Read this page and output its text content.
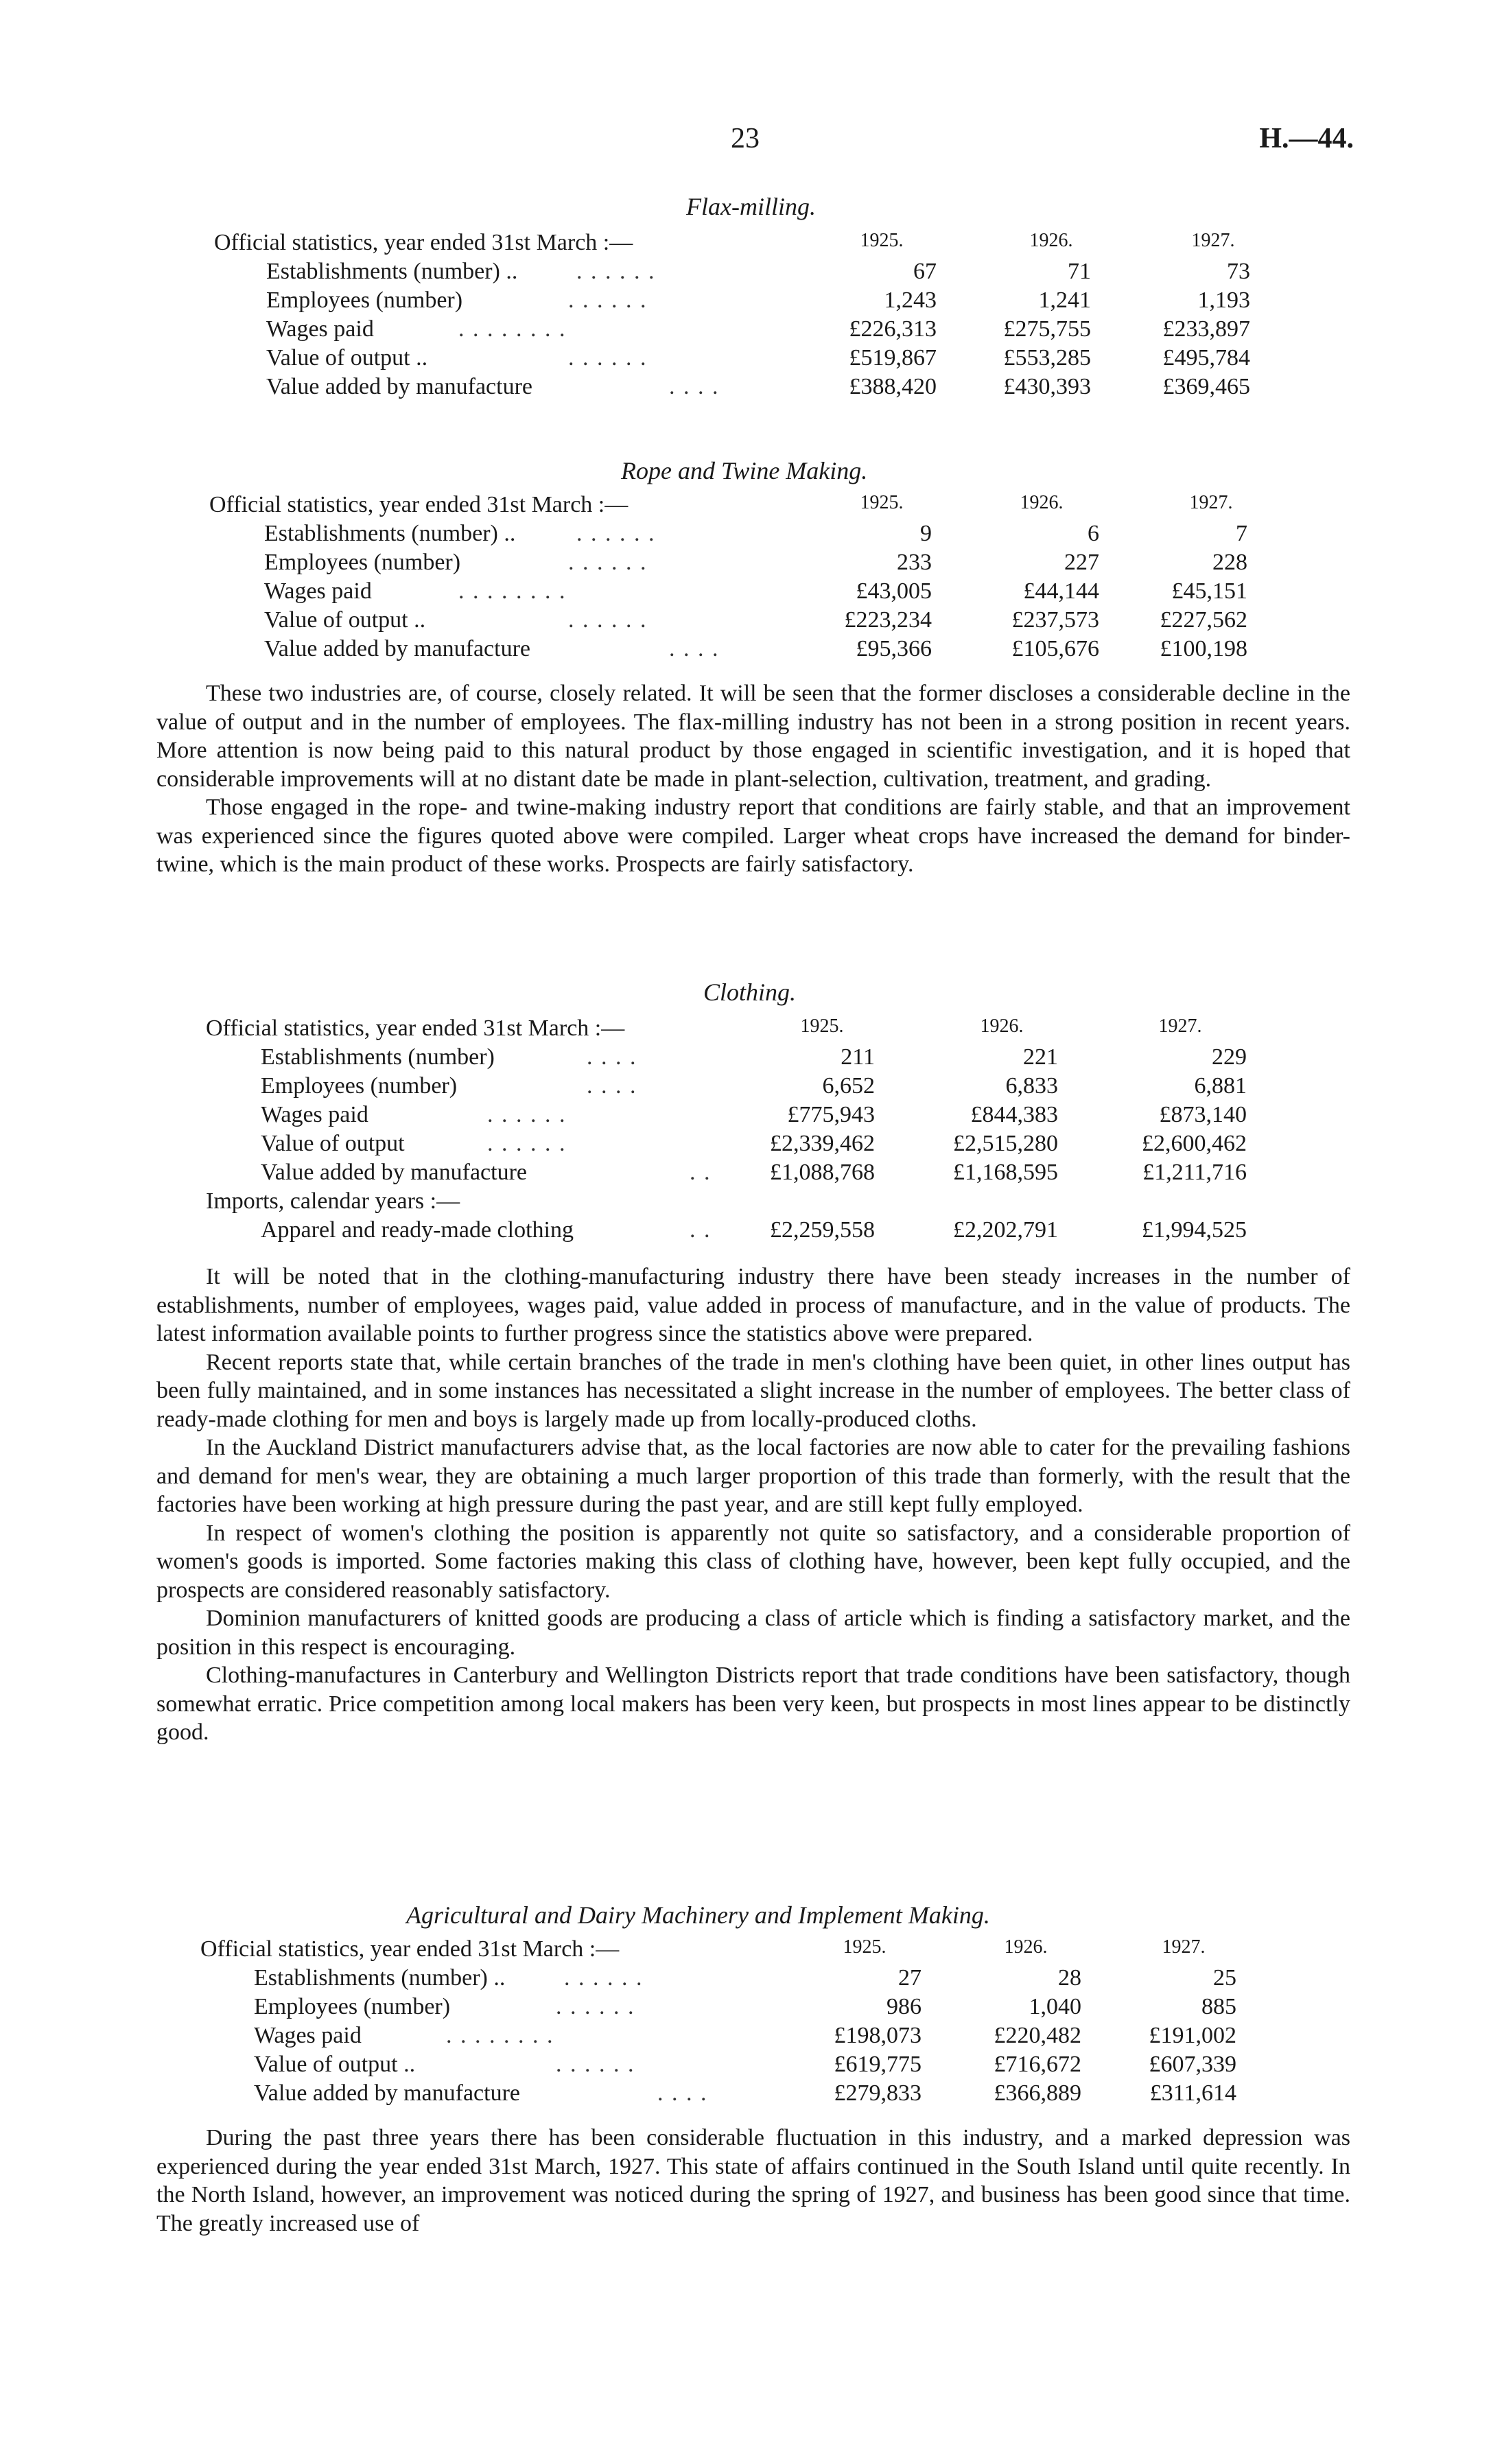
23	H.—44.
Flax-milling.
Official statistics, year ended 31st March :—	1925.	1926.	1927.
Establishments (number) ..	. . . . . .	67	71	73
Employees (number)	. . . . . .	1,243	1,241	1,193
Wages paid	. . . . . . . .	£226,313	£275,755	£233,897
Value of output ..	. . . . . .	£519,867	£553,285	£495,784
Value added by manufacture	. . . .	£388,420	£430,393	£369,465
Rope and Twine Making.
Official statistics, year ended 31st March :—	1925.	1926.	1927.
Establishments (number) ..	. . . . . .	9	6	7
Employees (number)	. . . . . .	233	227	228
Wages paid	. . . . . . . .	£43,005	£44,144	£45,151
Value of output ..	. . . . . .	£223,234	£237,573	£227,562
Value added by manufacture	. . . .	£95,366	£105,676	£100,198

These two industries are, of course, closely related. It will be seen that the former discloses a considerable decline in the value of output and in the number of employees. The flax-milling industry has not been in a strong position in recent years. More attention is now being paid to this natural product by those engaged in scientific investigation, and it is hoped that considerable improvements will at no distant date be made in plant-selection, cultivation, treatment, and grading.

Those engaged in the rope- and twine-making industry report that conditions are fairly stable, and that an improvement was experienced since the figures quoted above were compiled. Larger wheat crops have increased the demand for binder-twine, which is the main product of these works. Prospects are fairly satisfactory.

Clothing.
Official statistics, year ended 31st March :—	1925.	1926.	1927.
Establishments (number)	. . . .	211	221	229
Employees (number)	. . . .	6,652	6,833	6,881
Wages paid	. . . . . .	£775,943	£844,383	£873,140
Value of output	. . . . . .	£2,339,462	£2,515,280	£2,600,462
Value added by manufacture	. .	£1,088,768	£1,168,595	£1,211,716
Imports, calendar years :—
Apparel and ready-made clothing	. .	£2,259,558	£2,202,791	£1,994,525

It will be noted that in the clothing-manufacturing industry there have been steady increases in the number of establishments, number of employees, wages paid, value added in process of manufacture, and in the value of products. The latest information available points to further progress since the statistics above were prepared.

Recent reports state that, while certain branches of the trade in men's clothing have been quiet, in other lines output has been fully maintained, and in some instances has necessitated a slight increase in the number of employees. The better class of ready-made clothing for men and boys is largely made up from locally-produced cloths.

In the Auckland District manufacturers advise that, as the local factories are now able to cater for the prevailing fashions and demand for men's wear, they are obtaining a much larger proportion of this trade than formerly, with the result that the factories have been working at high pressure during the past year, and are still kept fully employed.

In respect of women's clothing the position is apparently not quite so satisfactory, and a considerable proportion of women's goods is imported. Some factories making this class of clothing have, however, been kept fully occupied, and the prospects are considered reasonably satisfactory.

Dominion manufacturers of knitted goods are producing a class of article which is finding a satisfactory market, and the position in this respect is encouraging.

Clothing-manufactures in Canterbury and Wellington Districts report that trade conditions have been satisfactory, though somewhat erratic. Price competition among local makers has been very keen, but prospects in most lines appear to be distinctly good.

Agricultural and Dairy Machinery and Implement Making.
Official statistics, year ended 31st March :—	1925.	1926.	1927.
Establishments (number) ..	. . . . . .	27	28	25
Employees (number)	. . . . . .	986	1,040	885
Wages paid	. . . . . . . .	£198,073	£220,482	£191,002
Value of output ..	. . . . . .	£619,775	£716,672	£607,339
Value added by manufacture	. . . .	£279,833	£366,889	£311,614

During the past three years there has been considerable fluctuation in this industry, and a marked depression was experienced during the year ended 31st March, 1927. This state of affairs continued in the South Island until quite recently. In the North Island, however, an improvement was noticed during the spring of 1927, and business has been good since that time. The greatly increased use of
